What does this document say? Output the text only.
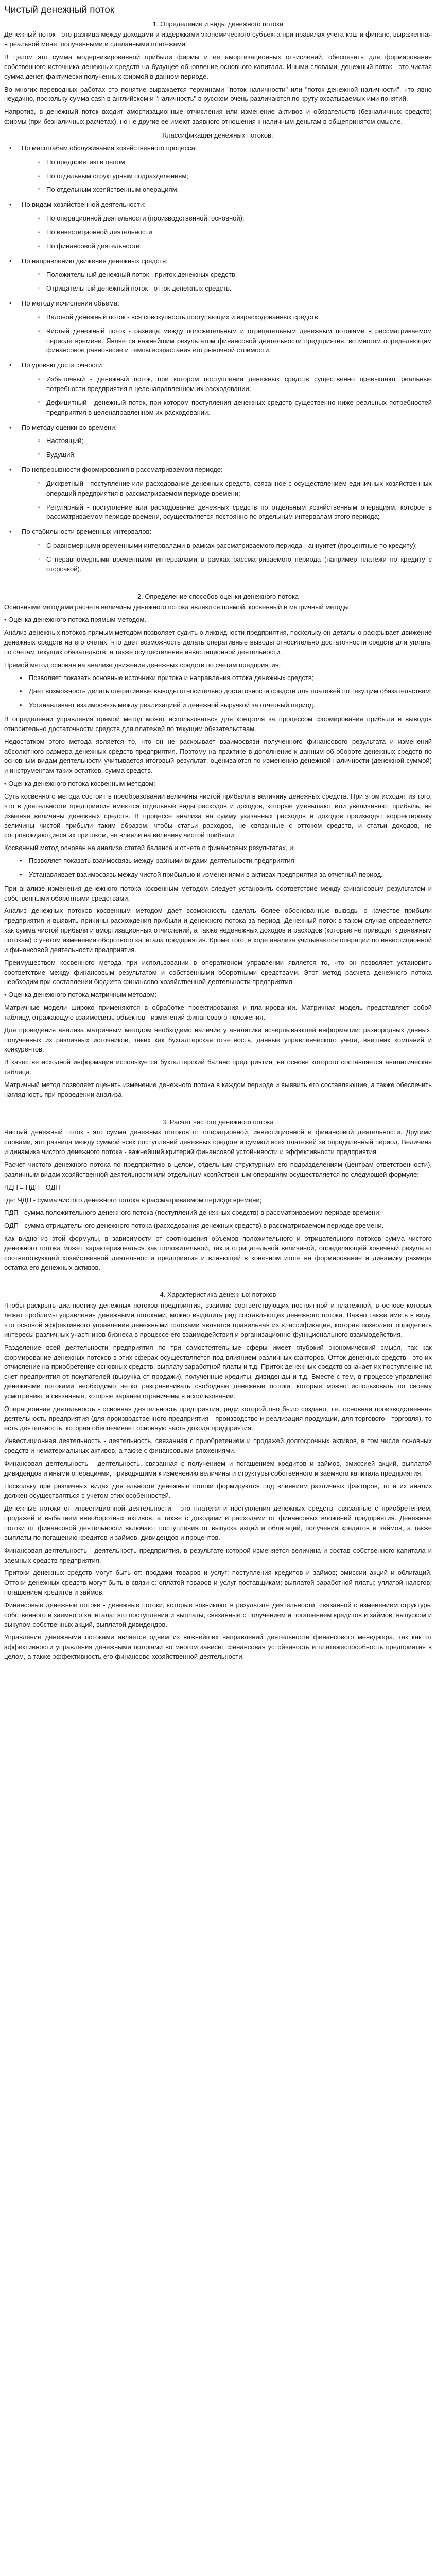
Чистый денежный поток

1. Определение и виды денежного потока

Денежный поток - это разница между доходами и издержками экономического субъекта при правилах учета кэш и финанс, выраженная в реальной мене, полученными и сделанными платежами.

В целом это сумма модернизированной прибыли фирмы и ее амортизационных отчислений, обеспечить для формирования собственного источника денежных средств на будущее обновление основного капитала. Иными словами, денежный поток - это чистая сумма денег, фактически полученных фирмой в данном периоде.

Во многих переводных работах это понятие выражается терминами "поток наличности" или "поток денежной наличности", что явно неудачно, поскольку сумма cash в английском и "наличность" в русском очень различаются по круту охватываемых ими понятий.

Напротив, в денежный поток входит амортизационные отчисления или изменение активов и обязательств (безналичных средств) фирмы (при безналичных расчетах), но не другие ее имеют заявного отношения к наличным деньгам в общепринятом смысле.

Классификация денежных потоков:

• По масштабам обслуживания хозяйственного процесса:
○ По предприятию в целом;
○ По отдельным структурным подразделениям;
○ По отдельным хозяйственным операциям.
• По видам хозяйственной деятельности:
○ По операционной деятельности (производственной, основной);
○ По инвестиционной деятельности;
○ По финансовой деятельности.
• По направлению движения денежных средств:
○ Положительный денежный поток - приток денежных средств;
○ Отрицательный денежный поток - отток денежных средств.
• По методу исчисления объема:
○ Валовой денежный поток - вся совокупность поступающих и израсходованных средств;
○ Чистый денежный поток - разница между положительным и отрицательным денежным потоками в рассматриваемом периоде времени. Является важнейшим результатом финансовой деятельности предприятия, во многом определяющим финансовое равновесие и темпы возрастания его рыночной стоимости.
• По уровню достаточности:
○ Избыточный - денежный поток, при котором поступления денежных средств существенно превышают реальные потребности предприятия в целенаправленном их расходовании;
○ Дефицитный - денежный поток, при котором поступления денежных средств существенно ниже реальных потребностей предприятия в целенаправленном их расходовании.
• По методу оценки во времени:
○ Настоящий;
○ Будущий.
• По непрерывности формирования в рассматриваемом периоде:
○ Дискретный - поступление или расходование денежных средств, связанное с осуществлением единичных хозяйственных операций предприятия в рассматриваемом периоде времени;
○ Регулярный - поступление или расходование денежных средств по отдельным хозяйственным операциям, которое в рассматриваемом периоде времени, осуществляется постоянно по отдельным интервалам этого периода;
• По стабильности временных интервалов:
○ С равномерными временными интервалами в рамках рассматриваемого периода - аннуитет (процентные по кредиту);
○ С неравномерными временными интервалами в рамках рассматриваемого периода (например платежи по кредиту с отсрочкой).

2. Определение способов оценки денежного потока

Основными методами расчета величины денежного потока являются прямой, косвенный и матричный методы.

• Оценка денежного потока прямым методом.

Анализ денежных потоков прямым методом позволяет судить о ликвидности предприятия, поскольку он детально раскрывает движение денежных средств на его счетах, что дает возможность делать оперативные выводы относительно достаточности средств для уплаты по счетам текущих обязательств, а также осуществления инвестиционной деятельности.

Прямой метод основан на анализе движения денежных средств по счетам предприятия:

• Позволяет показать основные источники притока и направления оттока денежных средств;
• Дает возможность делать оперативные выводы относительно достаточности средств для платежей по текущим обязательствам;
• Устанавливает взаимосвязь между реализацией и денежной выручкой за отчетный период.

В определении управления прямой метод может использоваться для контроля за процессом формирования прибыли и выводов относительно достаточности средств для платежей по текущим обязательствам.

Недостатком этого метода является то, что он не раскрывает взаимосвязи полученного финансового результата и изменений абсолютного размера денежных средств предприятия. Поэтому на практике в дополнение к данным об обороте денежных средств по основным видам деятельности учитывается итоговый результат: оцениваются по изменению денежной наличности (денежной суммой) и инструментам таких остатков, сумма средств.

• Оценка денежного потока косвенным методом:

Суть косвенного метода состоит в преобразовании величины чистой прибыли в величину денежных средств. При этом исходят из того, что в деятельности предприятия имеются отдельные виды расходов и доходов, которые уменьшают или увеличивают прибыль, не изменяя величины денежных средств. В процессе анализа на сумму указанных расходов и доходов производят корректировку величины чистой прибыли таким образом, чтобы статьи расходов, не связанные с оттоком средств, и статьи доходов, не сопровождающиеся их притоком, не влияли на величину чистой прибыли.

Косвенный метод основан на анализе статей баланса и отчета о финансовых результатах, и:

• Позволяет показать взаимосвязь между разными видами деятельности предприятия;
• Устанавливает взаимосвязь между чистой прибылью и изменениями в активах предприятия за отчетный период.

При анализе изменения денежного потока косвенным методом следует установить соответствие между финансовым результатом и собственными оборотными средствами.

Анализ денежных потоков косвенным методом дает возможность сделать более обоснованные выводы о качестве прибыли предприятия и выявить причины расхождения прибыли и денежного потока за период. Денежный поток в таком случае определяется как сумма чистой прибыли и амортизационных отчислений, а также неденежных доходов и расходов (которые не приводят к денежным потокам) с учетом изменения оборотного капитала предприятия. Кроме того, в ходе анализа учитываются операции по инвестиционной и финансовой деятельности предприятия.

Преимуществом косвенного метода при использовании в оперативном управлении является то, что он позволяет установить соответствие между финансовым результатом и собственными оборотными средствами. Этот метод расчета денежного потока необходим при составлении бюджета финансово-хозяйственной деятельности предприятия.

• Оценка денежного потока матричным методом:

Матричные модели широко применяются в обработке проектирования и планировании. Матричная модель представляет собой таблицу, отражающую взаимосвязь объектов - изменений финансового положения.

Для проведения анализа матричным методом необходимо наличие у аналитика исчерпывающей информации: разнородных данных, полученных из различных источников, таких как бухгалтерская отчетность, данные управленческого учета, внешних компаний и конкурентов.

В качестве исходной информации используется бухгалтерский баланс предприятия, на основе которого составляется аналитическая таблица.

Матричный метод позволяет оценить изменение денежного потока в каждом периоде и выявить его составляющие, а также обеспечить наглядность при проведении анализа.

3. Расчёт чистого денежного потока

Чистый денежный поток - это сумма денежных потоков от операционной, инвестиционной и финансовой деятельности. Другими словами, это разница между суммой всех поступлений денежных средств и суммой всех платежей за определенный период. Величина и динамика чистого денежного потока - важнейший критерий финансовой устойчивости и эффективности предприятия.

Расчет чистого денежного потока по предприятию в целом, отдельным структурным его подразделениям (центрам ответственности), различным видам хозяйственной деятельности или отдельным хозяйственным операциям осуществляется по следующей формуле:

ЧДП = ПДП - ОДП

где: ЧДП - сумма чистого денежного потока в рассматриваемом периоде времени;

ПДП - сумма положительного денежного потока (поступлений денежных средств) в рассматриваемом периоде времени;

ОДП - сумма отрицательного денежного потока (расходования денежных средств) в рассматриваемом периоде времени.

Как видно из этой формулы, в зависимости от соотношения объемов положительного и отрицательного потоков сумма чистого денежного потока может характеризоваться как положительной, так и отрицательной величиной, определяющей конечный результат соответствующей хозяйственной деятельности предприятия и влияющей в конечном итоге на формирование и динамику размера остатка его денежных активов.

4. Характеристика денежных потоков

Чтобы раскрыть диагностику денежных потоков предприятия, взаимно соответствующих постоянной и платежной, в основе которых лежат проблемы управления денежными потоками, можно выделить ряд составляющих денежного потока. Важно также иметь в виду, что основой эффективного управления денежными потоками является правильная их классификация, которая позволяет определить интересы различных участников бизнеса в процессе его взаимодействия и организационно-функционального взаимодействия.

Разделение всей деятельности предприятия по три самостоятельные сферы имеет глубокий экономический смысл, так как формирование денежных потоков в этих сферах осуществляется под влиянием различных факторов. Отток денежных средств - это их отчисление на приобретение основных средств, выплату заработной платы и т.д. Приток денежных средств означает их поступление на счет предприятия от покупателей (выручка от продажи), полученные кредиты, дивиденды и т.д. Вместе с тем, в процессе управления денежными потоками необходимо четко разграничивать свободные денежные потоки, которые можно использовать по своему усмотрению, и связанные, которые заранее ограничены в использовании.

Операционная деятельность - основная деятельность предприятия, ради которой оно было создано, т.е. основная производственная деятельность предприятия (для производственного предприятия - производство и реализация продукции, для торгового - торговля), то есть деятельность, которая обеспечивает основную часть дохода предприятия.

Инвестиционная деятельность - деятельность, связанная с приобретением и продажей долгосрочных активов, в том числе основных средств и нематериальных активов, а также с финансовыми вложениями.

Финансовая деятельность - деятельность, связанная с получением и погашением кредитов и займов, эмиссией акций, выплатой дивидендов и иными операциями, приводящими к изменению величины и структуры собственного и заемного капитала предприятия.

Поскольку при различных видах деятельности денежные потоки формируются под влиянием различных факторов, то и их анализ должен осуществляться с учетом этих особенностей.

Денежные потоки от инвестиционной деятельности - это платежи и поступления денежных средств, связанные с приобретением, продажей и выбытием внеоборотных активов, а также с доходами и расходами от финансовых вложений предприятия. Денежные потоки от финансовой деятельности включают поступления от выпуска акций и облигаций, получения кредитов и займов, а также выплаты по погашению кредитов и займов, дивидендов и процентов.

Финансовая деятельность - деятельность предприятия, в результате которой изменяется величина и состав собственного капитала и заемных средств предприятия.

Притоки денежных средств могут быть от: продажи товаров и услуг; поступления кредитов и займов; эмиссии акций и облигаций. Оттоки денежных средств могут быть в связи с: оплатой товаров и услуг поставщикам; выплатой заработной платы; уплатой налогов; погашением кредитов и займов.

Финансовые денежные потоки - денежные потоки, которые возникают в результате деятельности, связанной с изменением структуры собственного и заемного капитала; это поступления и выплаты, связанные с получением и погашением кредитов и займов, выпуском и выкупом собственных акций, выплатой дивидендов.

Управление денежными потоками является одним из важнейших направлений деятельности финансового менеджера, так как от эффективности управления денежными потоками во многом зависит финансовая устойчивость и платежеспособность предприятия в целом, а также эффективность его финансово-хозяйственной деятельности.
